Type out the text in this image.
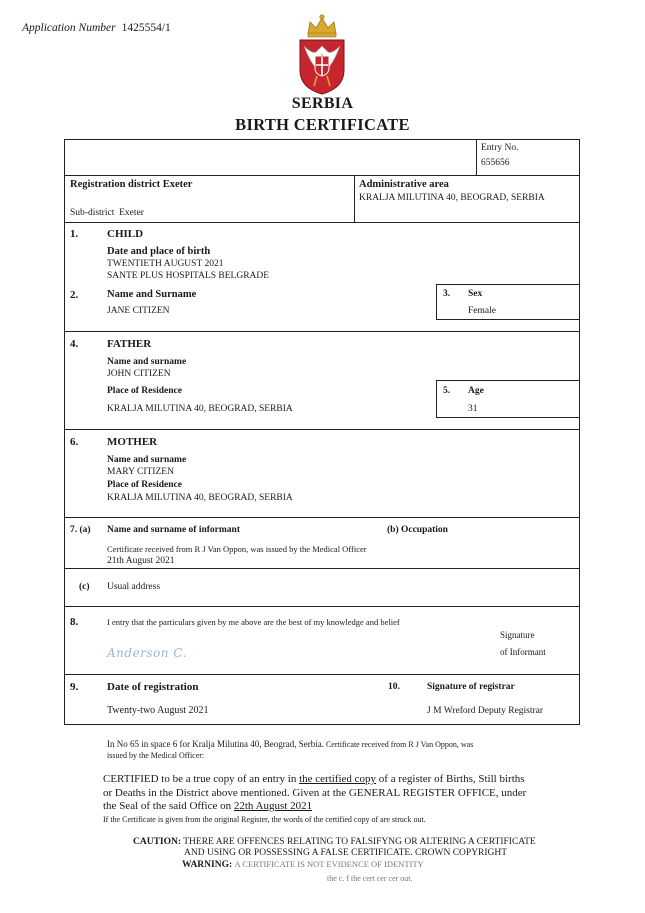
Application Number 1425554/1
SERBIA
BIRTH CERTIFICATE
Entry No.
655656
Registration district Exeter
Sub-district Exeter
Administrative area
KRALJA MILUTINA 40, BEOGRAD, SERBIA
1.	CHILD
Date and place of birth
TWENTIETH AUGUST 2021
SANTE PLUS HOSPITALS BELGRADE
2.	Name and Surname
JANE CITIZEN
3. Sex
Female
4.	FATHER
Name and surname
JOHN CITIZEN
Place of Residence
KRALJA MILUTINA 40, BEOGRAD, SERBIA
5. Age
31
6.	MOTHER
Name and surname
MARY CITIZEN
Place of Residence
KRALJA MILUTINA 40, BEOGRAD, SERBIA
7. (a) Name and surname of informant	(b) Occupation
Certificate received from R J Van Oppon, was issued by the Medical Officer
21th August 2021
(c) Usual address
8.	I entry that the particulars given by me above are the best of my knowledge and belief
Anderson C.
Signature
of Informant
9.	Date of registration
Twenty-two August 2021
10.	Signature of registrar
J M Wreford Deputy Registrar
In No 65 in space 6 for Kralja Milutina 40, Beograd, Serbia. Certificate received from R J Van Oppon, was
issued by the Medical Officer:
CERTIFIED to be a true copy of an entry in the certified copy of a register of Births, Still births
or Deaths in the District above mentioned. Given at the GENERAL REGISTER OFFICE, under
the Seal of the said Office on 22th August 2021
If the Certificate is given from the original Register, the words of the certified copy of are struck out.
CAUTION: THERE ARE OFFENCES RELATING TO FALSIFYNG OR ALTERING A CERTIFICATE
AND USING OR POSSESSING A FALSE CERTIFICATE. CROWN COPYRIGHT
WARNING: A CERTIFICATE IS NOT EVIDENCE OF IDENTITY
the c. f the cert cer cer out.
